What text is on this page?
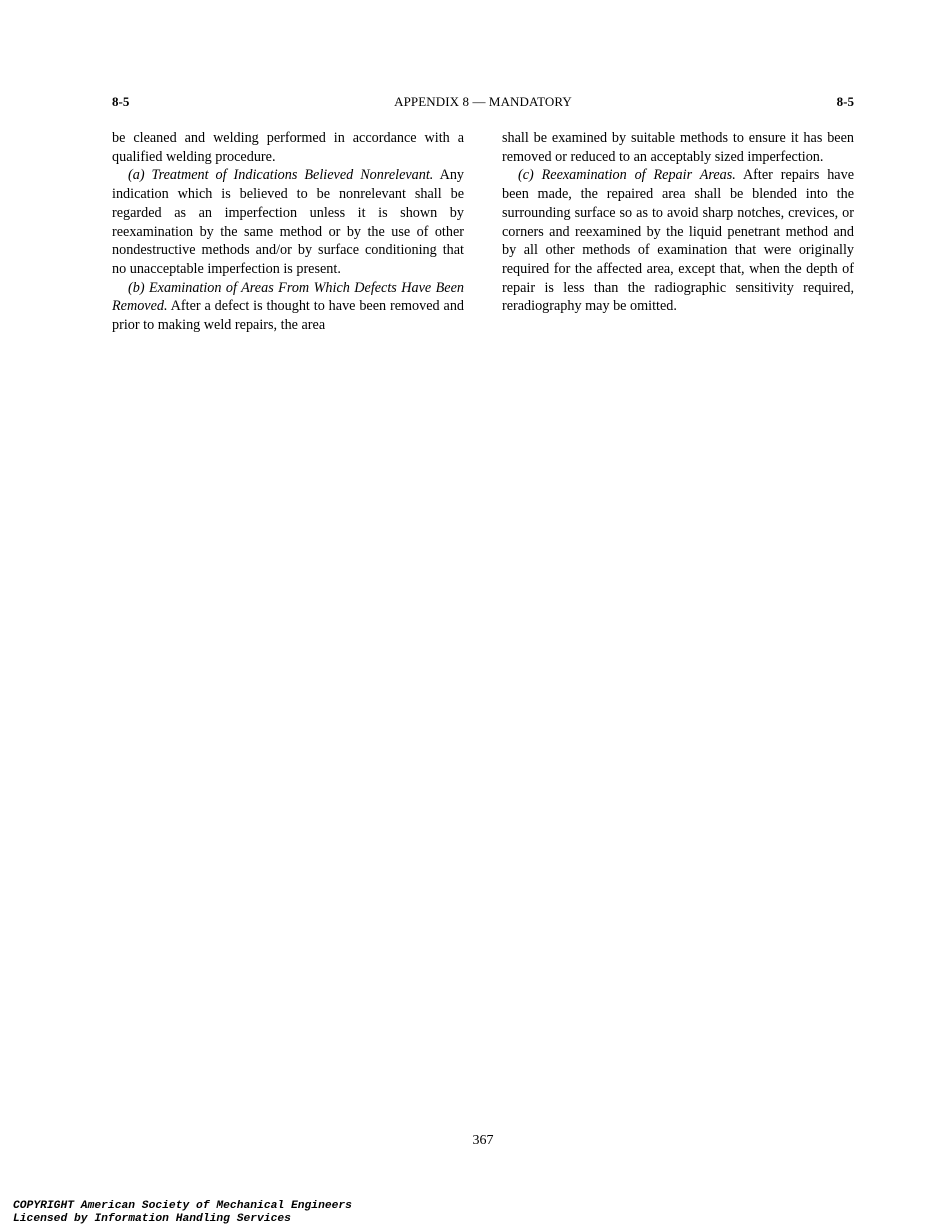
8-5	APPENDIX 8 — MANDATORY	8-5

be cleaned and welding performed in accordance with a qualified welding procedure.

(a) Treatment of Indications Believed Nonrelevant. Any indication which is believed to be nonrelevant shall be regarded as an imperfection unless it is shown by reexamination by the same method or by the use of other nondestructive methods and/or by surface conditioning that no unacceptable imperfection is present.

(b) Examination of Areas From Which Defects Have Been Removed. After a defect is thought to have been removed and prior to making weld repairs, the area

shall be examined by suitable methods to ensure it has been removed or reduced to an acceptably sized imperfection.

(c) Reexamination of Repair Areas. After repairs have been made, the repaired area shall be blended into the surrounding surface so as to avoid sharp notches, crevices, or corners and reexamined by the liquid penetrant method and by all other methods of examination that were originally required for the affected area, except that, when the depth of repair is less than the radiographic sensitivity required, reradiography may be omitted.

367
COPYRIGHT American Society of Mechanical Engineers
Licensed by Information Handling Services
